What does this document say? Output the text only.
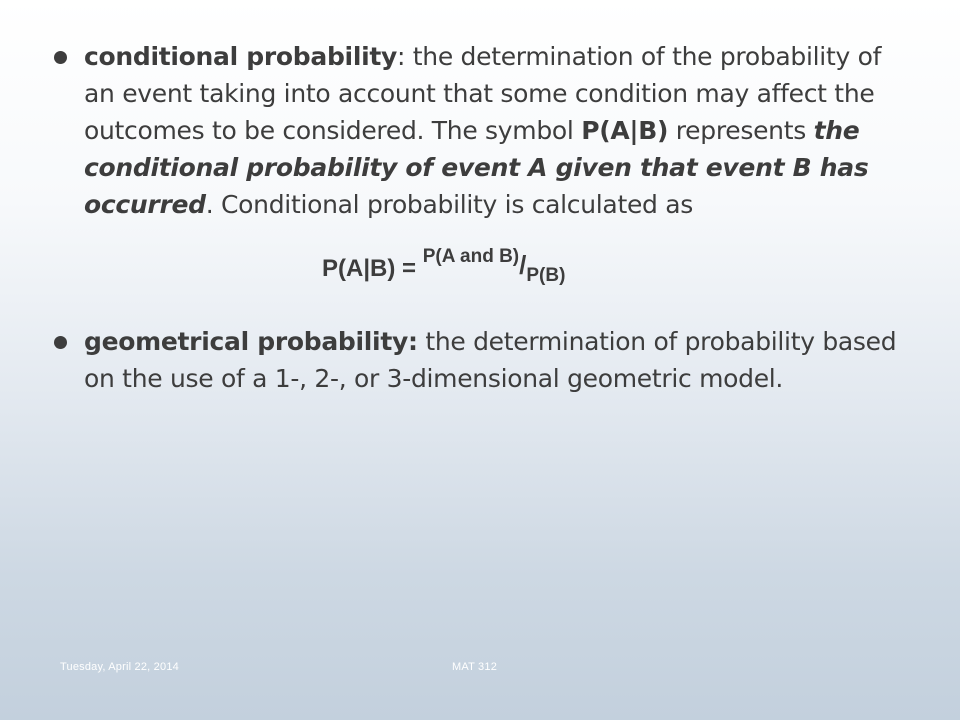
conditional probability: the determination of the probability of an event taking into account that some condition may affect the outcomes to be considered. The symbol P(A|B) represents the conditional probability of event A given that event B has occurred. Conditional probability is calculated as
P(A|B) = P(A and B)/P(B)
geometrical probability: the determination of probability based on the use of a 1-, 2-, or 3-dimensional geometric model.
Tuesday, April 22, 2014	MAT 312
